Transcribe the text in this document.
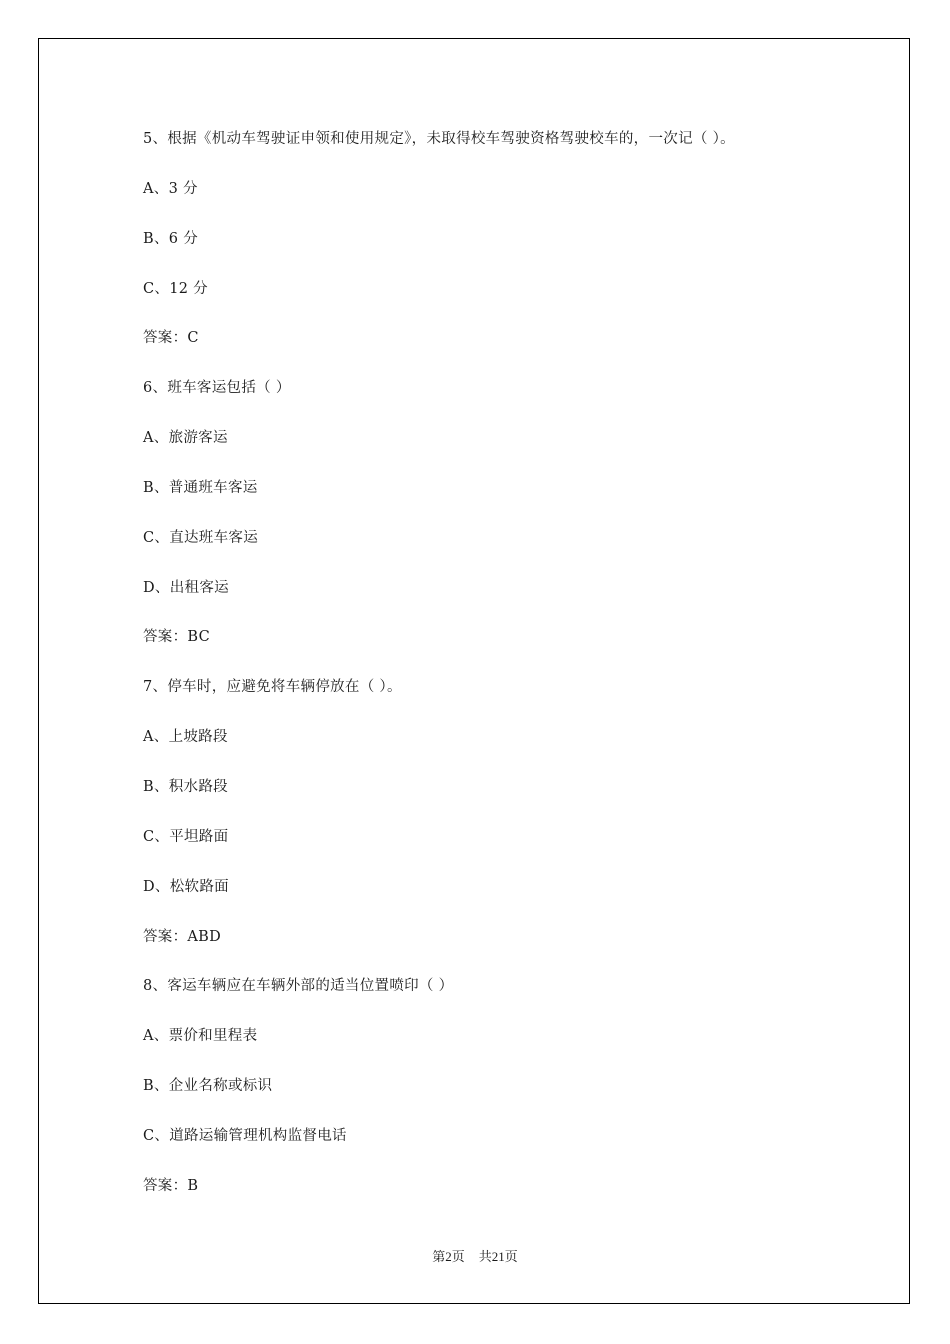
5、根据《机动车驾驶证申领和使用规定》，未取得校车驾驶资格驾驶校车的，一次记（ ）。
A、3 分
B、6 分
C、12 分
答案：C
6、班车客运包括（ ）
A、旅游客运
B、普通班车客运
C、直达班车客运
D、出租客运
答案：BC
7、停车时，应避免将车辆停放在（ ）。
A、上坡路段
B、积水路段
C、平坦路面
D、松软路面
答案：ABD
8、客运车辆应在车辆外部的适当位置喷印（ ）
A、票价和里程表
B、企业名称或标识
C、道路运输管理机构监督电话
答案：B
第2页 共21页
